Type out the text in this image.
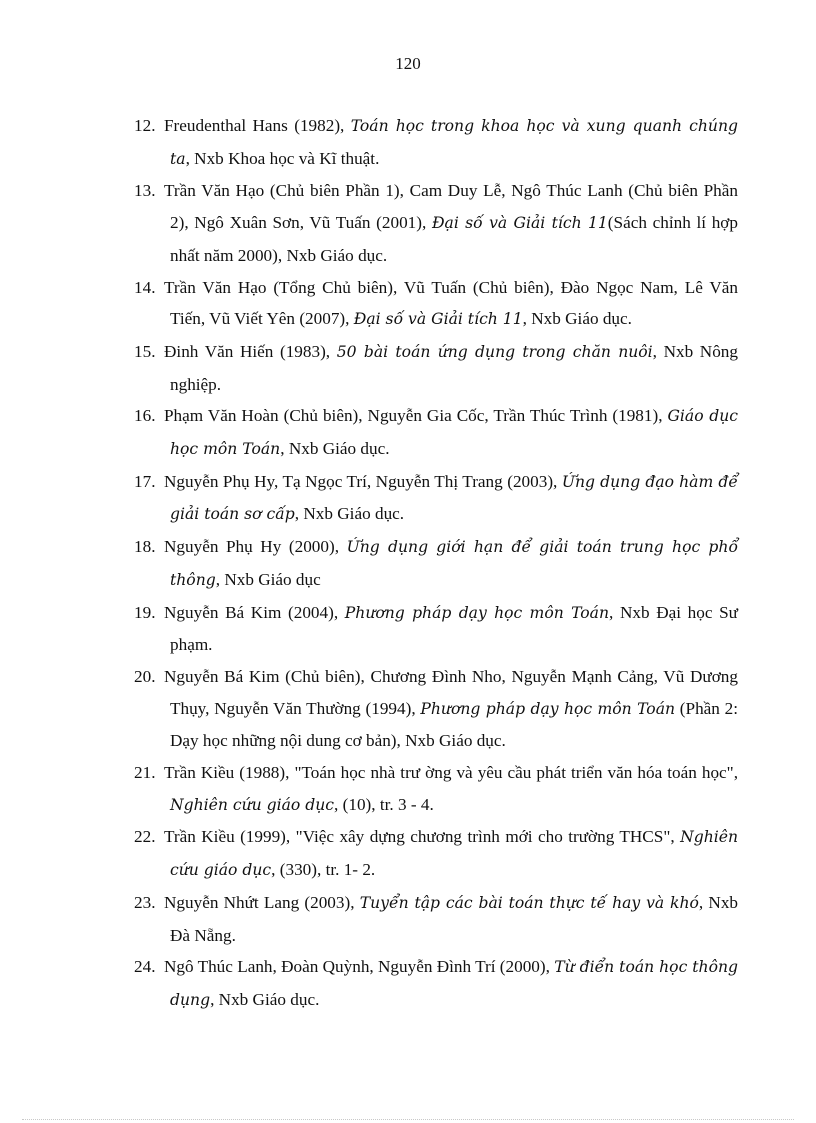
120
12. Freudenthal Hans (1982), Toán học trong khoa học và xung quanh chúng ta, Nxb Khoa học và Kĩ thuật.
13. Trần Văn Hạo (Chủ biên Phần 1), Cam Duy Lễ, Ngô Thúc Lanh (Chủ biên Phần 2), Ngô Xuân Sơn, Vũ Tuấn (2001), Đại số và Giải tích 11(Sách chỉnh lí hợp nhất năm 2000), Nxb Giáo dục.
14. Trần Văn Hạo (Tổng Chủ biên), Vũ Tuấn (Chủ biên), Đào Ngọc Nam, Lê Văn Tiến, Vũ Viết Yên (2007), Đại số và Giải tích 11, Nxb Giáo dục.
15. Đinh Văn Hiến (1983), 50 bài toán ứng dụng trong chăn nuôi, Nxb Nông nghiệp.
16. Phạm Văn Hoàn (Chủ biên), Nguyễn Gia Cốc, Trần Thúc Trình (1981), Giáo dục học môn Toán, Nxb Giáo dục.
17. Nguyễn Phụ Hy, Tạ Ngọc Trí, Nguyễn Thị Trang (2003), Ứng dụng đạo hàm để giải toán sơ cấp, Nxb Giáo dục.
18. Nguyễn Phụ Hy (2000), Ứng dụng giới hạn để giải toán trung học phổ thông, Nxb Giáo dục
19. Nguyễn Bá Kim (2004), Phương pháp dạy học môn Toán, Nxb Đại học Sư phạm.
20. Nguyễn Bá Kim (Chủ biên), Chương Đình Nho, Nguyễn Mạnh Cảng, Vũ Dương Thụy, Nguyễn Văn Thường (1994), Phương pháp dạy học môn Toán (Phần 2: Dạy học những nội dung cơ bản), Nxb Giáo dục.
21. Trần Kiều (1988), "Toán học nhà trư ờng và yêu cầu phát triển văn hóa toán học", Nghiên cứu giáo dục, (10), tr. 3 - 4.
22. Trần Kiều (1999), "Việc xây dựng chương trình mới cho trường THCS", Nghiên cứu giáo dục, (330), tr. 1- 2.
23. Nguyễn Nhứt Lang (2003), Tuyển tập các bài toán thực tế hay và khó, Nxb Đà Nẵng.
24. Ngô Thúc Lanh, Đoàn Quỳnh, Nguyễn Đình Trí (2000), Từ điển toán học thông dụng, Nxb Giáo dục.
